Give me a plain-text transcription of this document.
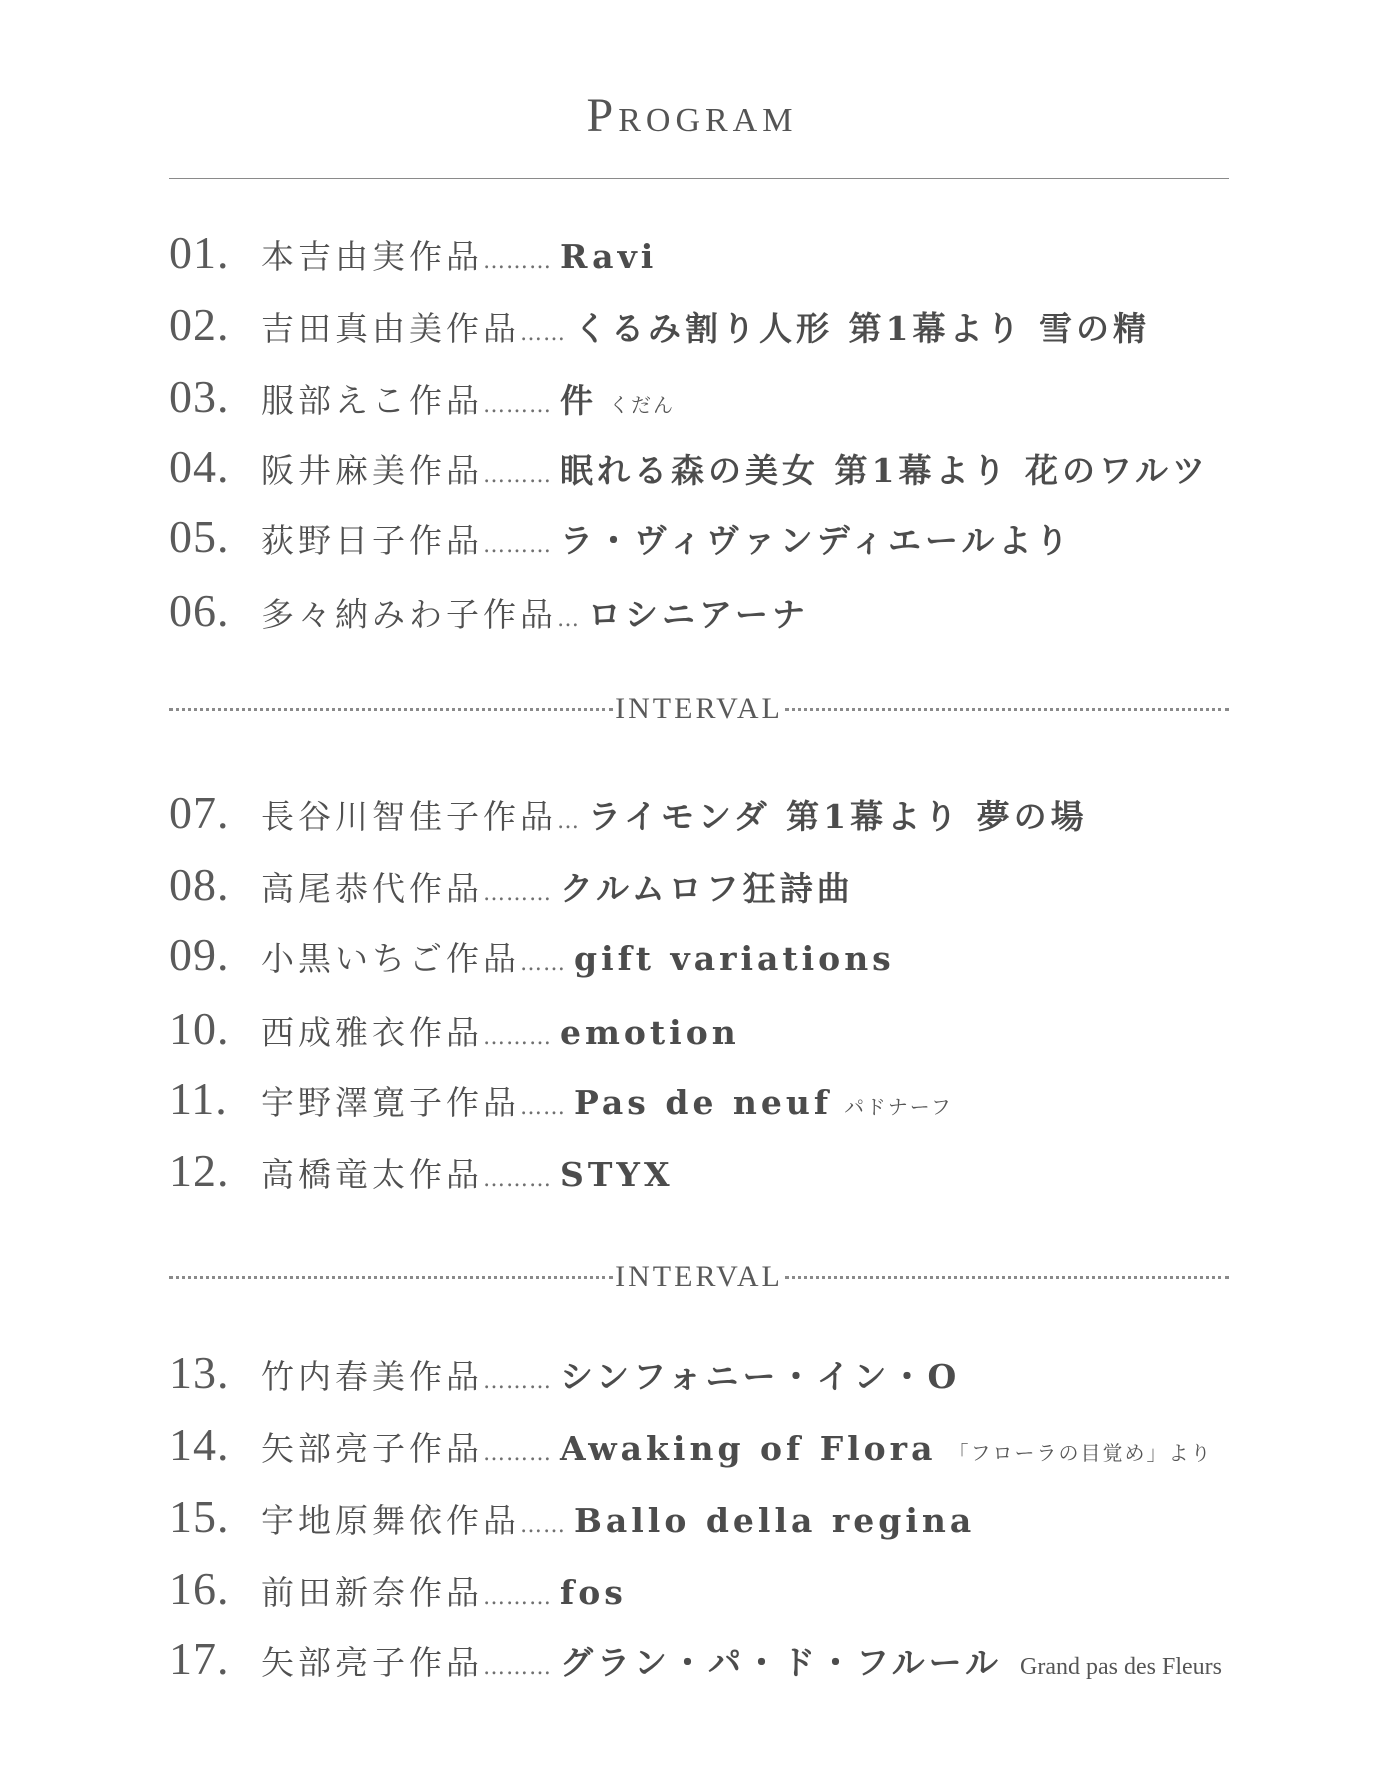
Program
01. 本吉由実作品 ……… Ravi
02. 吉田真由美作品 …… くるみ割り人形 第1幕より 雪の精
03. 服部えこ作品 ……… 件 くだん
04. 阪井麻美作品 ……… 眠れる森の美女 第1幕より 花のワルツ
05. 荻野日子作品 ……… ラ・ヴィヴァンディエールより
06. 多々納みわ子作品 … ロシニアーナ
07. 長谷川智佳子作品 … ライモンダ 第1幕より 夢の場
08. 高尾恭代作品 ……… クルムロフ狂詩曲
09. 小黒いちご作品 …… gift variations
10. 西成雅衣作品 ……… emotion
11.	宇野澤寛子作品 …… Pas de neuf パドナーフ
12. 高橋竜太作品 ……… STYX
13. 竹内春美作品 ……… シンフォニー・イン・O
14. 矢部亮子作品 ……… Awaking of Flora 「フローラの目覚め」より
15. 宇地原舞依作品 …… Ballo della regina
16. 前田新奈作品 ……… fos
17. 矢部亮子作品 ……… グラン・パ・ド・フルール Grand pas des Fleurs
INTERVAL
INTERVAL
